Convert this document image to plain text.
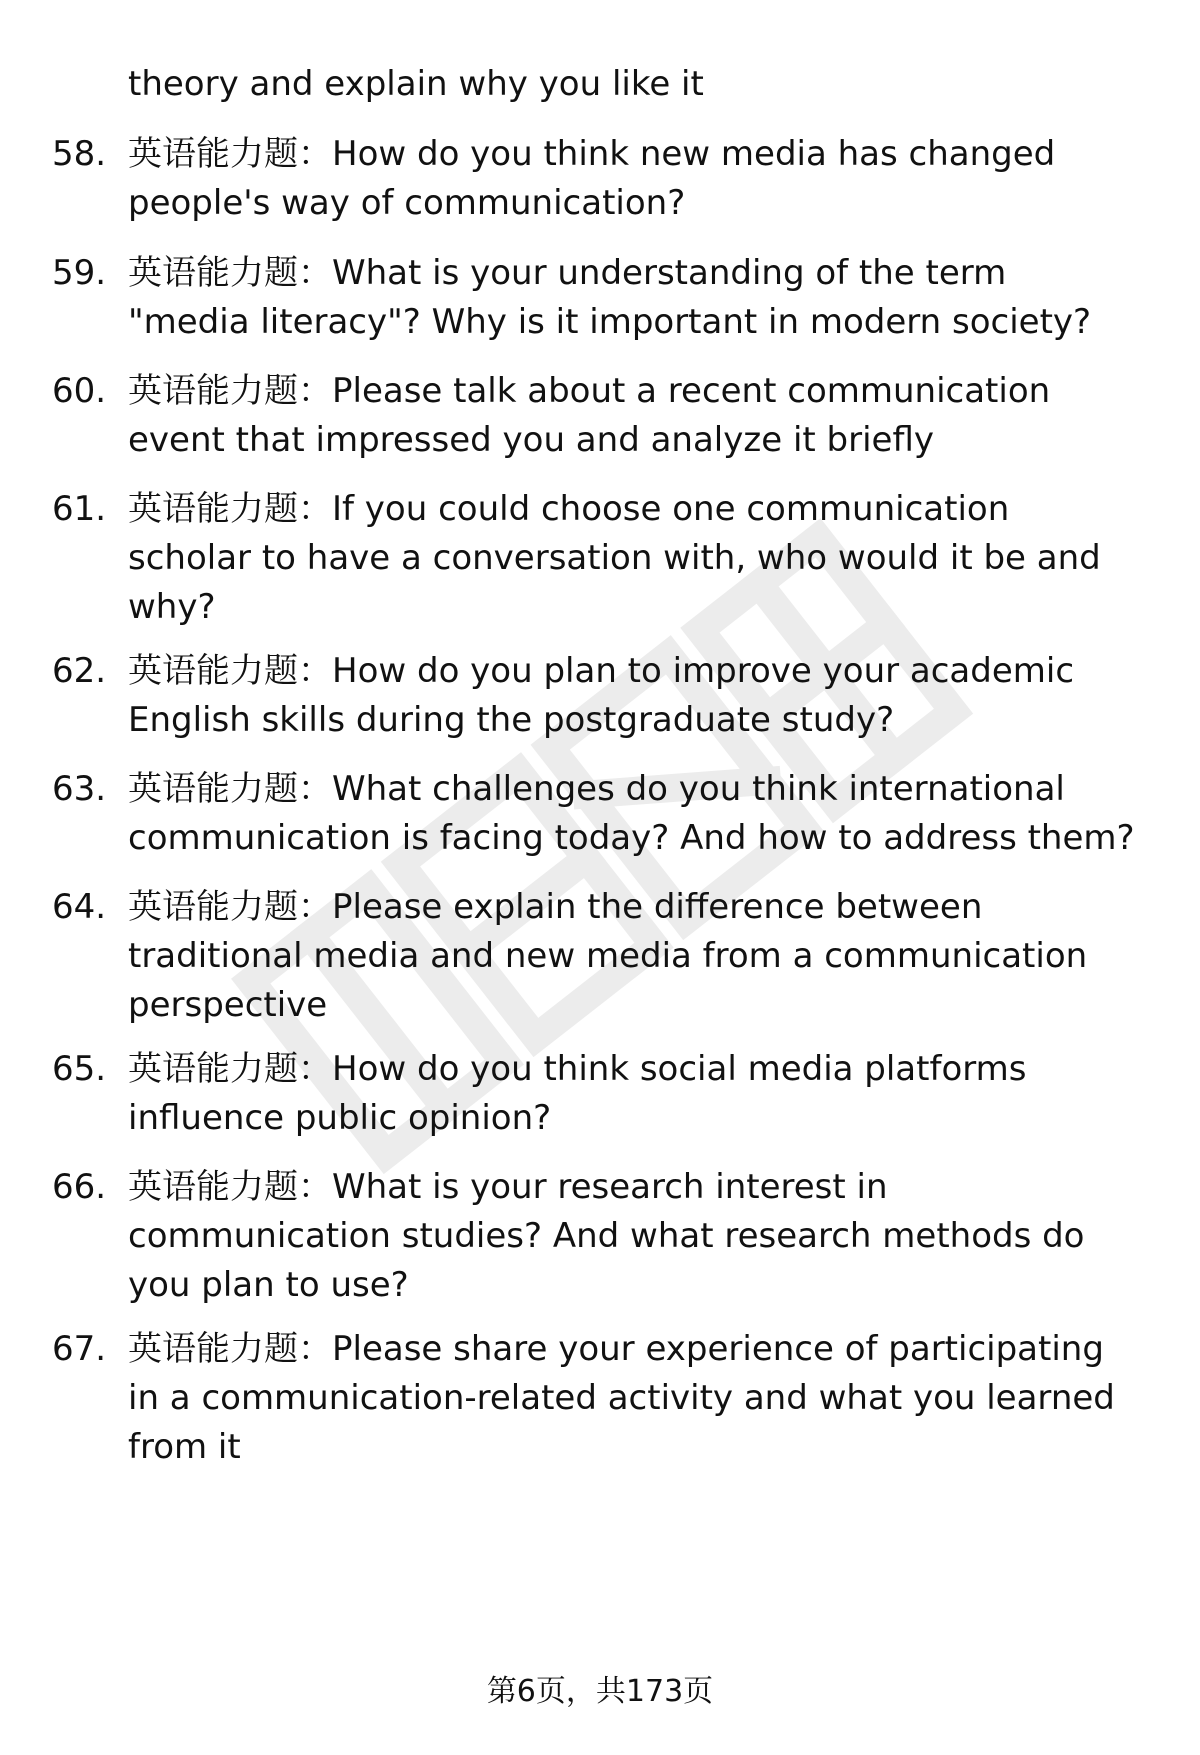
theory and explain why you like it
58. 英语能力题：How do you think new media has changed
people's way of communication?
59. 英语能力题：What is your understanding of the term
"media literacy"? Why is it important in modern society?
60. 英语能力题：Please talk about a recent communication
event that impressed you and analyze it briefly
61. 英语能力题：If you could choose one communication
scholar to have a conversation with, who would it be and
why?
62. 英语能力题：How do you plan to improve your academic
English skills during the postgraduate study?
63. 英语能力题：What challenges do you think international
communication is facing today? And how to address them?
64. 英语能力题：Please explain the difference between
traditional media and new media from a communication
perspective
65. 英语能力题：How do you think social media platforms
influence public opinion?
66. 英语能力题：What is your research interest in
communication studies? And what research methods do
you plan to use?
67. 英语能力题：Please share your experience of participating
in a communication-related activity and what you learned
from it
第6页，共173页
